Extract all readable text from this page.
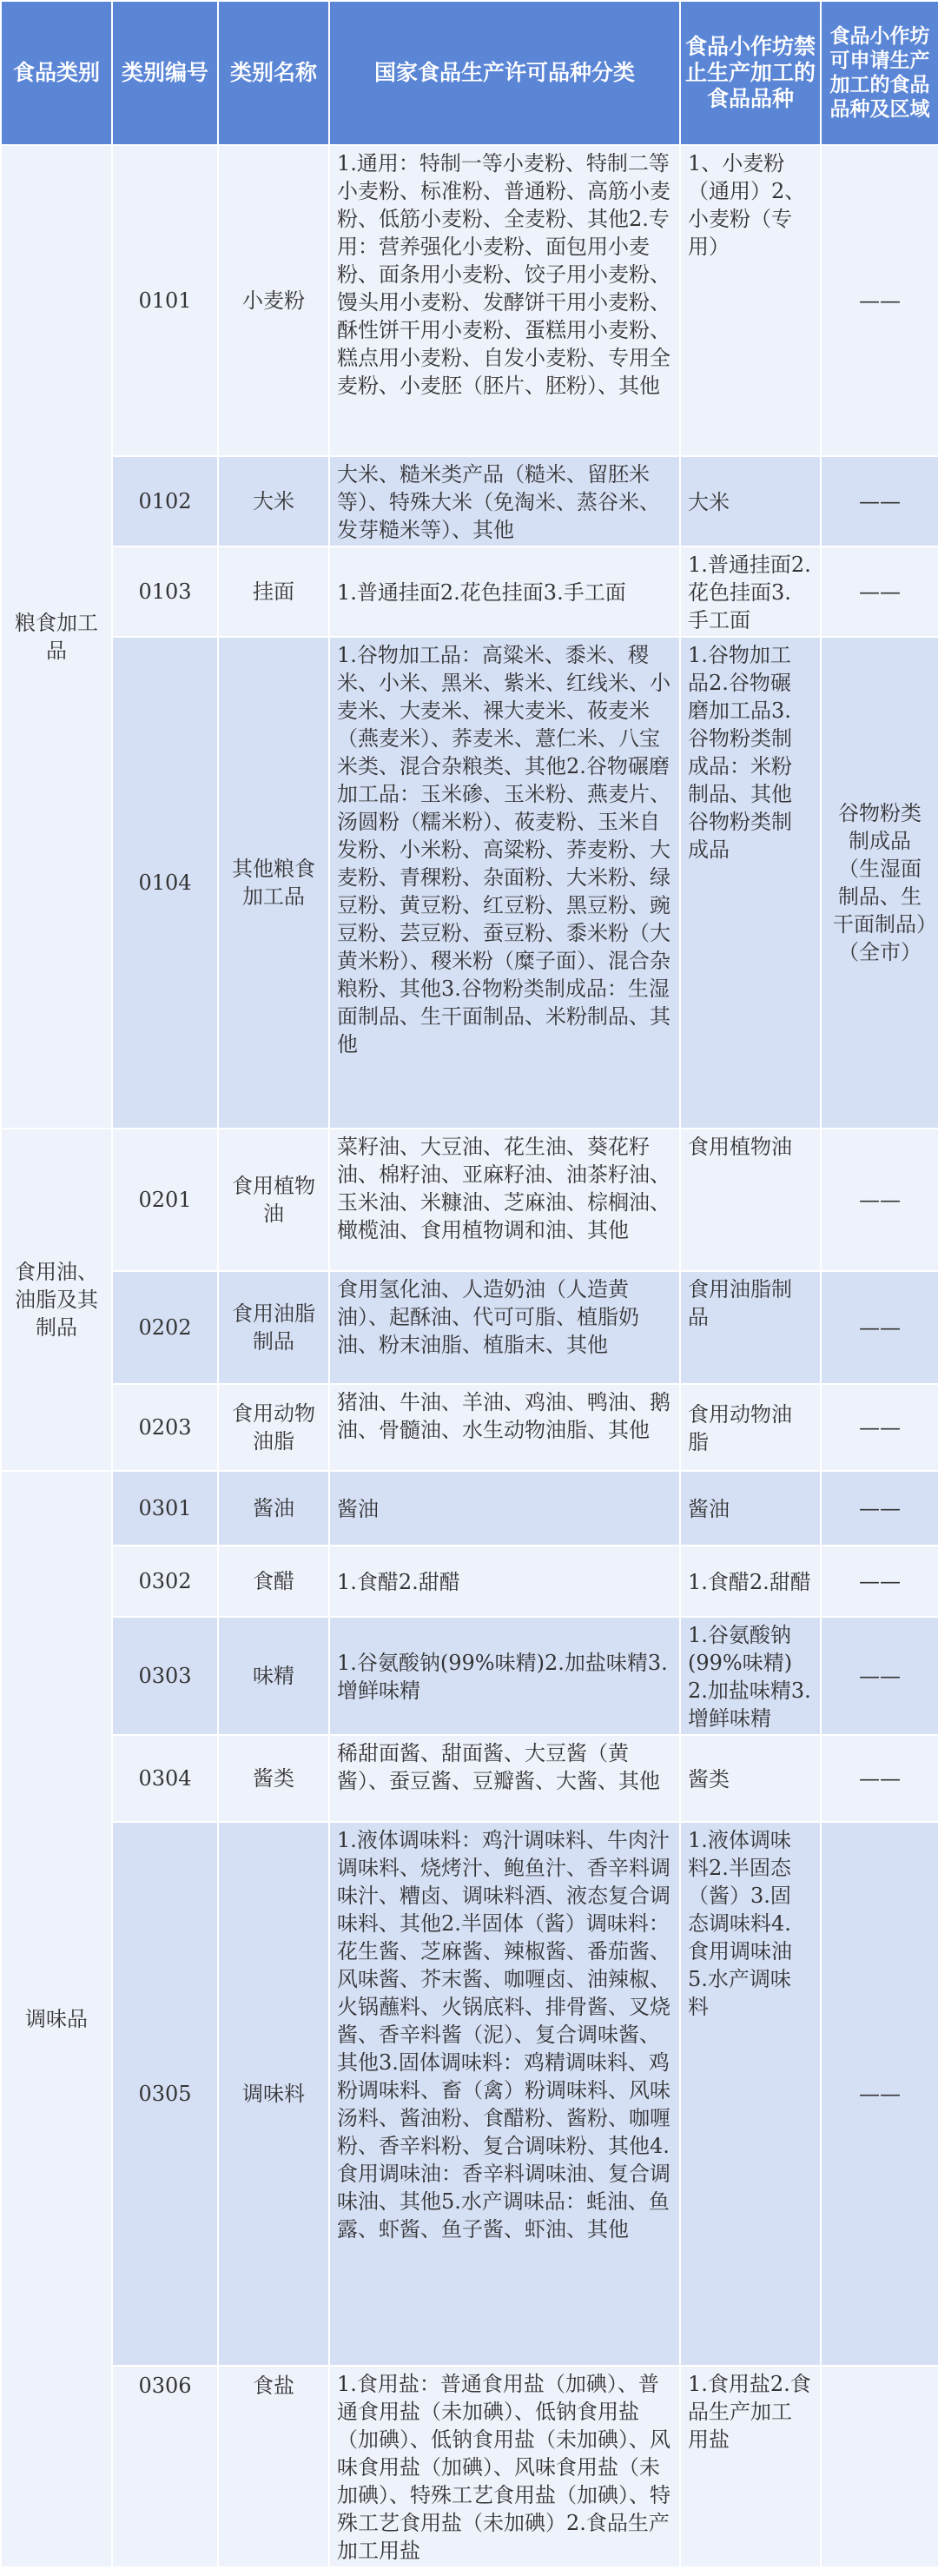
食品类别	类别编号	类别名称	国家食品生产许可品种分类	食品小作坊禁止生产加工的食品品种	食品小作坊可申请生产加工的食品品种及区域
粮食加工品	0101	小麦粉	1.通用：特制一等小麦粉、特制二等小麦粉、标准粉、普通粉、高筋小麦粉、低筋小麦粉、全麦粉、其他2.专用：营养强化小麦粉、面包用小麦粉、面条用小麦粉、饺子用小麦粉、馒头用小麦粉、发酵饼干用小麦粉、酥性饼干用小麦粉、蛋糕用小麦粉、糕点用小麦粉、自发小麦粉、专用全麦粉、小麦胚（胚片、胚粉）、其他	1、小麦粉（通用）2、小麦粉（专用）	——
	0102	大米	大米、糙米类产品（糙米、留胚米等）、特殊大米（免淘米、蒸谷米、发芽糙米等）、其他	大米	——
	0103	挂面	1.普通挂面2.花色挂面3.手工面	1.普通挂面2.花色挂面3.手工面	——
	0104	其他粮食加工品	1.谷物加工品：高粱米、黍米、稷米、小米、黑米、紫米、红线米、小麦米、大麦米、裸大麦米、莜麦米（燕麦米）、荞麦米、薏仁米、八宝米类、混合杂粮类、其他2.谷物碾磨加工品：玉米碜、玉米粉、燕麦片、汤圆粉（糯米粉）、莜麦粉、玉米自发粉、小米粉、高粱粉、荞麦粉、大麦粉、青稞粉、杂面粉、大米粉、绿豆粉、黄豆粉、红豆粉、黑豆粉、豌豆粉、芸豆粉、蚕豆粉、黍米粉（大黄米粉）、稷米粉（糜子面）、混合杂粮粉、其他3.谷物粉类制成品：生湿面制品、生干面制品、米粉制品、其他	1.谷物加工品2.谷物碾磨加工品3.谷物粉类制成品：米粉制品、其他谷物粉类制成品	谷物粉类制成品（生湿面制品、生干面制品）（全市）
食用油、油脂及其制品	0201	食用植物油	菜籽油、大豆油、花生油、葵花籽油、棉籽油、亚麻籽油、油茶籽油、玉米油、米糠油、芝麻油、棕榈油、橄榄油、食用植物调和油、其他	食用植物油	——
	0202	食用油脂制品	食用氢化油、人造奶油（人造黄油）、起酥油、代可可脂、植脂奶油、粉末油脂、植脂末、其他	食用油脂制品	——
	0203	食用动物油脂	猪油、牛油、羊油、鸡油、鸭油、鹅油、骨髓油、水生动物油脂、其他	食用动物油脂	——
调味品	0301	酱油	酱油	酱油	——
	0302	食醋	1.食醋2.甜醋	1.食醋2.甜醋	——
	0303	味精	1.谷氨酸钠(99%味精)2.加盐味精3.增鲜味精	1.谷氨酸钠(99%味精)2.加盐味精3.增鲜味精	——
	0304	酱类	稀甜面酱、甜面酱、大豆酱（黄酱）、蚕豆酱、豆瓣酱、大酱、其他	酱类	——
	0305	调味料	1.液体调味料：鸡汁调味料、牛肉汁调味料、烧烤汁、鲍鱼汁、香辛料调味汁、糟卤、调味料酒、液态复合调味料、其他2.半固体（酱）调味料：花生酱、芝麻酱、辣椒酱、番茄酱、风味酱、芥末酱、咖喱卤、油辣椒、火锅蘸料、火锅底料、排骨酱、叉烧酱、香辛料酱（泥）、复合调味酱、其他3.固体调味料：鸡精调味料、鸡粉调味料、畜（禽）粉调味料、风味汤料、酱油粉、食醋粉、酱粉、咖喱粉、香辛料粉、复合调味粉、其他4.食用调味油：香辛料调味油、复合调味油、其他5.水产调味品：蚝油、鱼露、虾酱、鱼子酱、虾油、其他	1.液体调味料2.半固态（酱）3.固态调味料4.食用调味油5.水产调味料	——
	0306	食盐	1.食用盐：普通食用盐（加碘）、普通食用盐（未加碘）、低钠食用盐（加碘）、低钠食用盐（未加碘）、风味食用盐（加碘）、风味食用盐（未加碘）、特殊工艺食用盐（加碘）、特殊工艺食用盐（未加碘）2.食品生产加工用盐	1.食用盐2.食品生产加工用盐	
